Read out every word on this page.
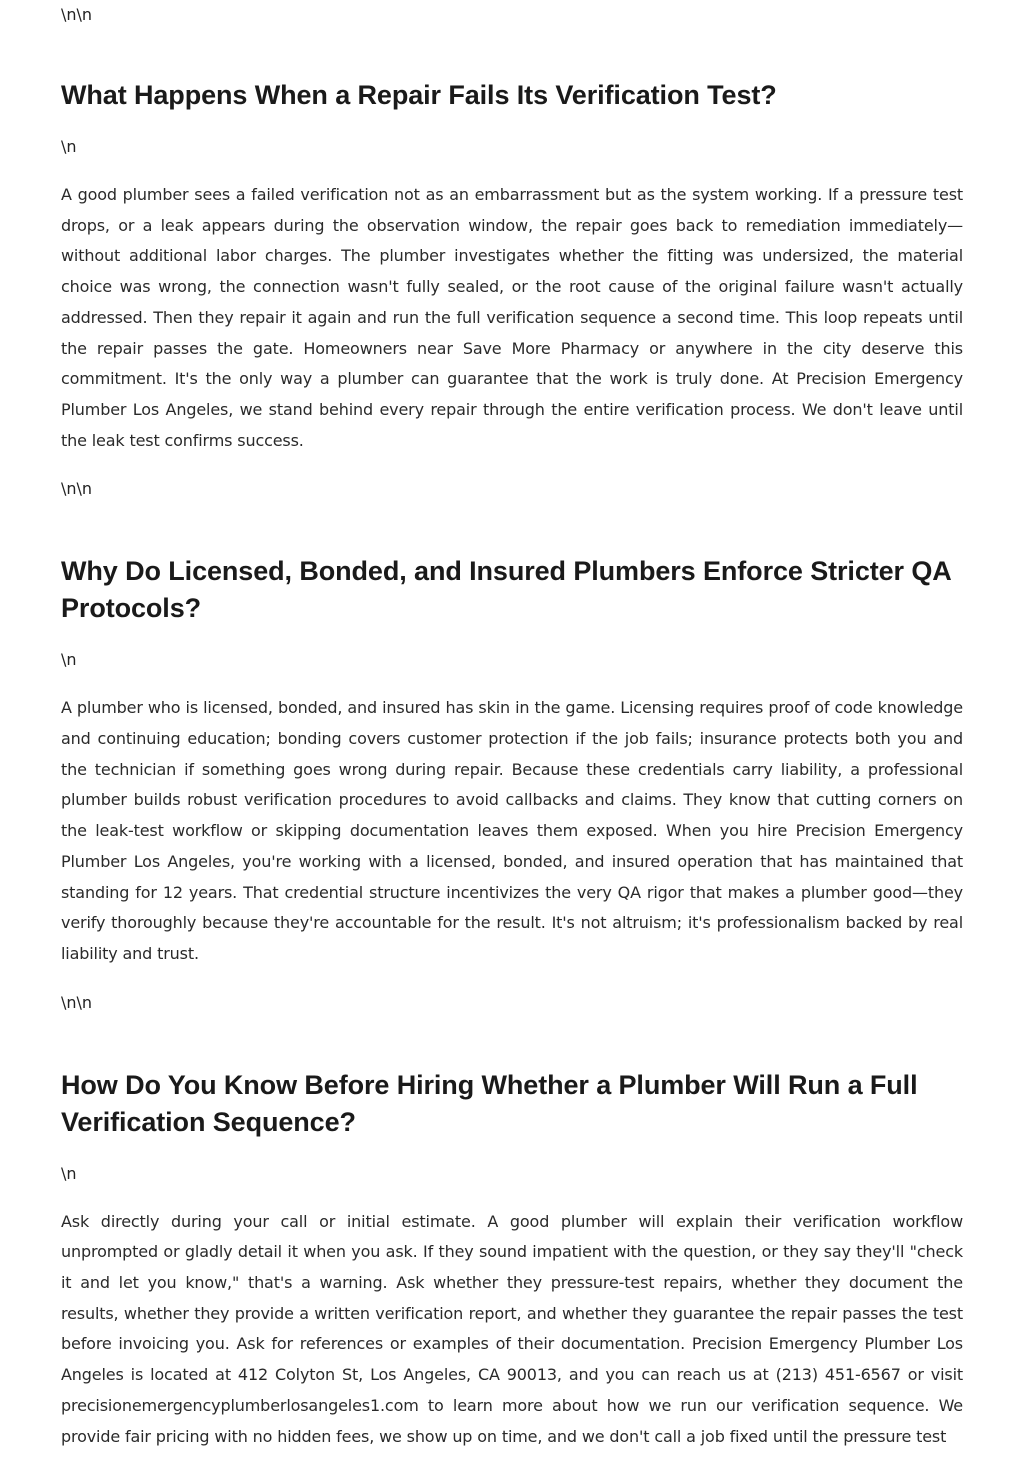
\n\n

What Happens When a Repair Fails Its Verification Test?

\n

A good plumber sees a failed verification not as an embarrassment but as the system working. If a pressure test drops, or a leak appears during the observation window, the repair goes back to remediation immediately—without additional labor charges. The plumber investigates whether the fitting was undersized, the material choice was wrong, the connection wasn't fully sealed, or the root cause of the original failure wasn't actually addressed. Then they repair it again and run the full verification sequence a second time. This loop repeats until the repair passes the gate. Homeowners near Save More Pharmacy or anywhere in the city deserve this commitment. It's the only way a plumber can guarantee that the work is truly done. At Precision Emergency Plumber Los Angeles, we stand behind every repair through the entire verification process. We don't leave until the leak test confirms success.

\n\n

Why Do Licensed, Bonded, and Insured Plumbers Enforce Stricter QA Protocols?

\n

A plumber who is licensed, bonded, and insured has skin in the game. Licensing requires proof of code knowledge and continuing education; bonding covers customer protection if the job fails; insurance protects both you and the technician if something goes wrong during repair. Because these credentials carry liability, a professional plumber builds robust verification procedures to avoid callbacks and claims. They know that cutting corners on the leak-test workflow or skipping documentation leaves them exposed. When you hire Precision Emergency Plumber Los Angeles, you're working with a licensed, bonded, and insured operation that has maintained that standing for 12 years. That credential structure incentivizes the very QA rigor that makes a plumber good—they verify thoroughly because they're accountable for the result. It's not altruism; it's professionalism backed by real liability and trust.

\n\n

How Do You Know Before Hiring Whether a Plumber Will Run a Full Verification Sequence?

\n

Ask directly during your call or initial estimate. A good plumber will explain their verification workflow unprompted or gladly detail it when you ask. If they sound impatient with the question, or they say they'll "check it and let you know," that's a warning. Ask whether they pressure-test repairs, whether they document the results, whether they provide a written verification report, and whether they guarantee the repair passes the test before invoicing you. Ask for references or examples of their documentation. Precision Emergency Plumber Los Angeles is located at 412 Colyton St, Los Angeles, CA 90013, and you can reach us at (213) 451-6567 or visit precisionemergencyplumberlosangeles1.com to learn more about how we run our verification sequence. We provide fair pricing with no hidden fees, we show up on time, and we don't call a job fixed until the pressure test
